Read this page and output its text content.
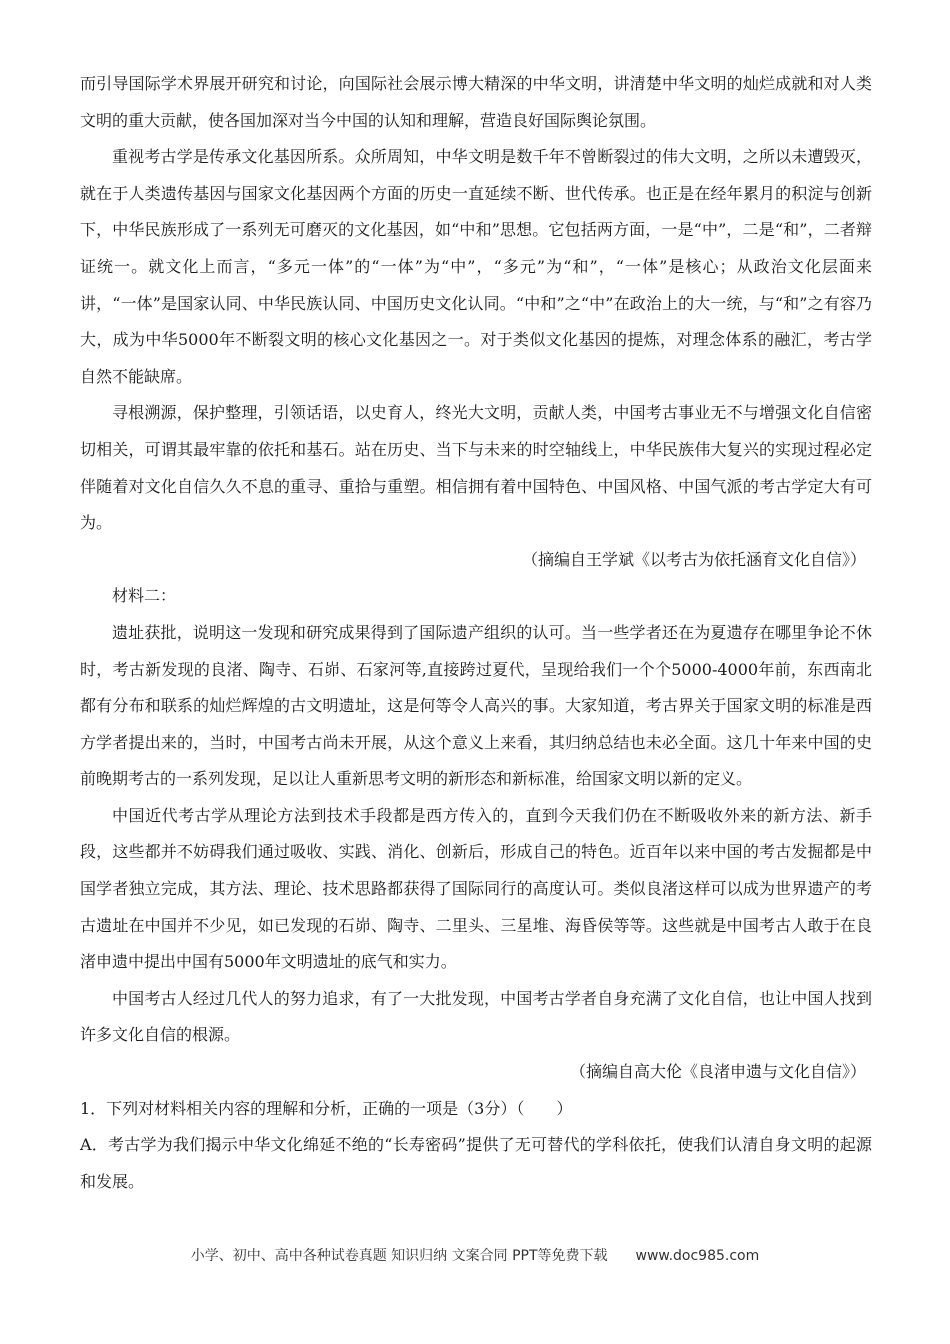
而引导国际学术界展开研究和讨论，向国际社会展示博大精深的中华文明，讲清楚中华文明的灿烂成就和对人类文明的重大贡献，使各国加深对当今中国的认知和理解，营造良好国际舆论氛围。

重视考古学是传承文化基因所系。众所周知，中华文明是数千年不曾断裂过的伟大文明，之所以未遭毁灭，就在于人类遗传基因与国家文化基因两个方面的历史一直延续不断、世代传承。也正是在经年累月的积淀与创新下，中华民族形成了一系列无可磨灭的文化基因，如“中和”思想。它包括两方面，一是“中”，二是“和”，二者辩证统一。就文化上而言，“多元一体”的“一体”为“中”，“多元”为“和”，“一体”是核心；从政治文化层面来讲，“一体”是国家认同、中华民族认同、中国历史文化认同。“中和”之“中”在政治上的大一统，与“和”之有容乃大，成为中华5000年不断裂文明的核心文化基因之一。对于类似文化基因的提炼，对理念体系的融汇，考古学自然不能缺席。

寻根溯源，保护整理，引领话语，以史育人，终光大文明，贡献人类，中国考古事业无不与增强文化自信密切相关，可谓其最牢靠的依托和基石。站在历史、当下与未来的时空轴线上，中华民族伟大复兴的实现过程必定伴随着对文化自信久久不息的重寻、重拾与重塑。相信拥有着中国特色、中国风格、中国气派的考古学定大有可为。

（摘编自王学斌《以考古为依托涵育文化自信》）

材料二：

遗址获批，说明这一发现和研究成果得到了国际遗产组织的认可。当一些学者还在为夏遗存在哪里争论不休时，考古新发现的良渚、陶寺、石峁、石家河等,直接跨过夏代，呈现给我们一个个5000-4000年前，东西南北都有分布和联系的灿烂辉煌的古文明遗址，这是何等令人高兴的事。大家知道，考古界关于国家文明的标准是西方学者提出来的，当时，中国考古尚未开展，从这个意义上来看，其归纳总结也未必全面。这几十年来中国的史前晚期考古的一系列发现，足以让人重新思考文明的新形态和新标准，给国家文明以新的定义。

中国近代考古学从理论方法到技术手段都是西方传入的，直到今天我们仍在不断吸收外来的新方法、新手段，这些都并不妨碍我们通过吸收、实践、消化、创新后，形成自己的特色。近百年以来中国的考古发掘都是中国学者独立完成，其方法、理论、技术思路都获得了国际同行的高度认可。类似良渚这样可以成为世界遗产的考古遗址在中国并不少见，如已发现的石峁、陶寺、二里头、三星堆、海昏侯等等。这些就是中国考古人敢于在良渚申遗中提出中国有5000年文明遗址的底气和实力。

中国考古人经过几代人的努力追求，有了一大批发现，中国考古学者自身充满了文化自信，也让中国人找到许多文化自信的根源。

（摘编自高大伦《良渚申遗与文化自信》）

1．下列对材料相关内容的理解和分析，正确的一项是（3分）（　　）

A．考古学为我们揭示中华文化绵延不绝的“长寿密码”提供了无可替代的学科依托，使我们认清自身文明的起源和发展。

小学、初中、高中各种试卷真题 知识归纳 文案合同 PPT等免费下载 www.doc985.com
